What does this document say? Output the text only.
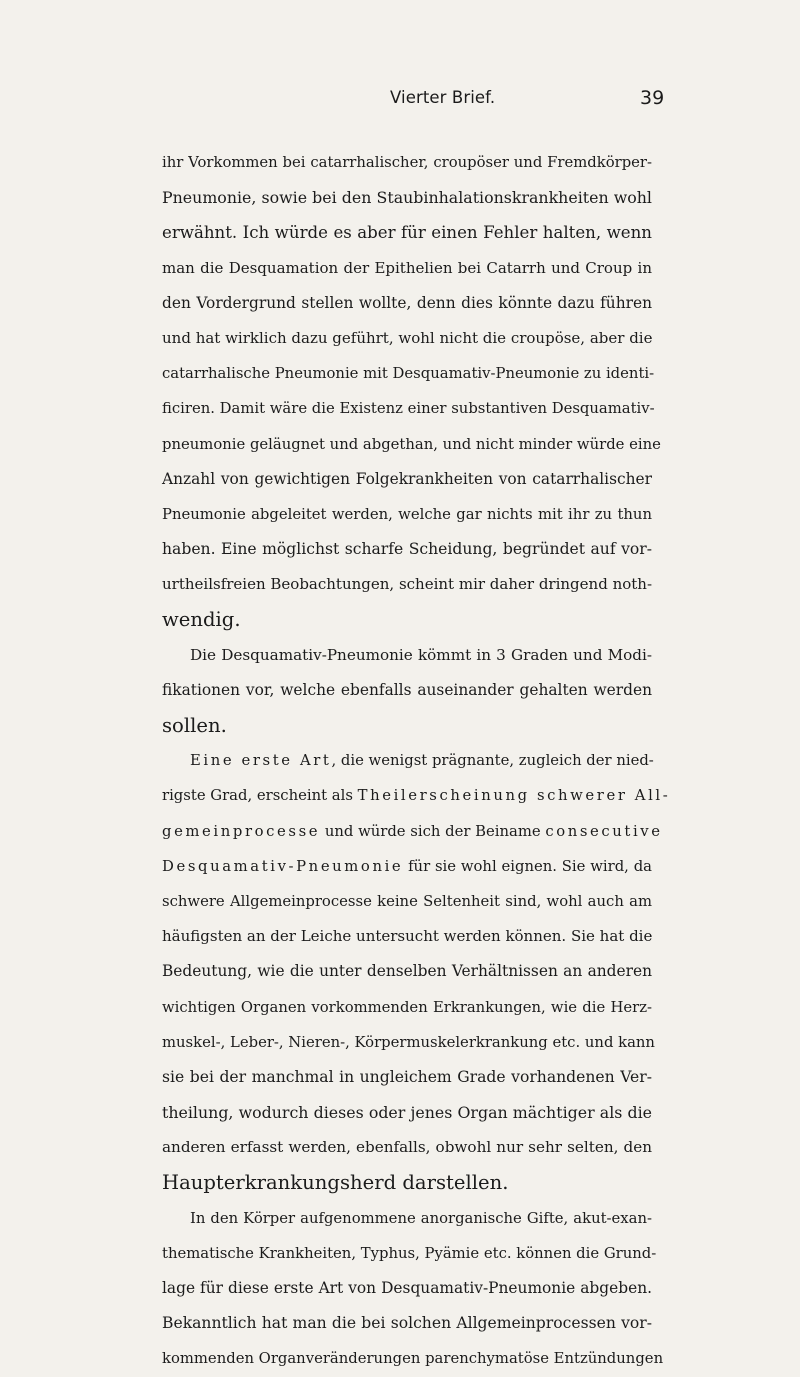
Vierter Brief.	39
ihr Vorkommen bei catarrhalischer, croupöser und Fremdkörper-
Pneumonie, sowie bei den Staubinhalationskrankheiten wohl
erwähnt. Ich würde es aber für einen Fehler halten, wenn
man die Desquamation der Epithelien bei Catarrh und Croup in
den Vordergrund stellen wollte, denn dies könnte dazu führen
und hat wirklich dazu geführt, wohl nicht die croupöse, aber die
catarrhalische Pneumonie mit Desquamativ-Pneumonie zu identi-
ficiren. Damit wäre die Existenz einer substantiven Desquamativ-
pneumonie geläugnet und abgethan, und nicht minder würde eine
Anzahl von gewichtigen Folgekrankheiten von catarrhalischer
Pneumonie abgeleitet werden, welche gar nichts mit ihr zu thun
haben. Eine möglichst scharfe Scheidung, begründet auf vor-
urtheilsfreien Beobachtungen, scheint mir daher dringend noth-
wendig.
Die Desquamativ-Pneumonie kömmt in 3 Graden und Modi-
fikationen vor, welche ebenfalls auseinander gehalten werden
sollen.
Eine erste Art, die wenigst prägnante, zugleich der nied-
rigste Grad, erscheint als Theilerscheinung schwerer All-
gemeinprocesse und würde sich der Beiname consecutive
Desquamativ-Pneumonie für sie wohl eignen. Sie wird, da
schwere Allgemeinprocesse keine Seltenheit sind, wohl auch am
häufigsten an der Leiche untersucht werden können. Sie hat die
Bedeutung, wie die unter denselben Verhältnissen an anderen
wichtigen Organen vorkommenden Erkrankungen, wie die Herz-
muskel-, Leber-, Nieren-, Körpermuskelerkrankung etc. und kann
sie bei der manchmal in ungleichem Grade vorhandenen Ver-
theilung, wodurch dieses oder jenes Organ mächtiger als die
anderen erfasst werden, ebenfalls, obwohl nur sehr selten, den
Haupterkrankungsherd darstellen.
In den Körper aufgenommene anorganische Gifte, akut-exan-
thematische Krankheiten, Typhus, Pyämie etc. können die Grund-
lage für diese erste Art von Desquamativ-Pneumonie abgeben.
Bekanntlich hat man die bei solchen Allgemeinprocessen vor-
kommenden Organveränderungen parenchymatöse Entzündungen
